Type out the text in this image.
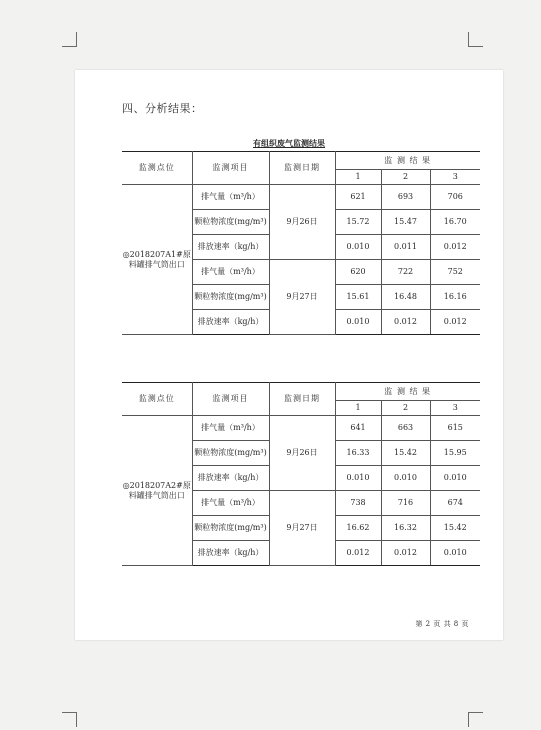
四、分析结果：
有组织废气监测结果
监测点位	监测项目	监测日期	监 测 结 果		
			1	2	3
◎2018207A1#原料罐排气筒出口	排气量（m³/h）	9月26日	621	693	706
	颗粒物浓度(mg/m³)		15.72	15.47	16.70
	排放速率（kg/h）		0.010	0.011	0.012
	排气量（m³/h）	9月27日	620	722	752
	颗粒物浓度(mg/m³)		15.61	16.48	16.16
	排放速率（kg/h）		0.010	0.012	0.012
监测点位	监测项目	监测日期	监 测 结 果		
			1	2	3
◎2018207A2#原料罐排气筒出口	排气量（m³/h）	9月26日	641	663	615
	颗粒物浓度(mg/m³)		16.33	15.42	15.95
	排放速率（kg/h）		0.010	0.010	0.010
	排气量（m³/h）	9月27日	738	716	674
	颗粒物浓度(mg/m³)		16.62	16.32	15.42
	排放速率（kg/h）		0.012	0.012	0.010
第 2 页 共 8 页
